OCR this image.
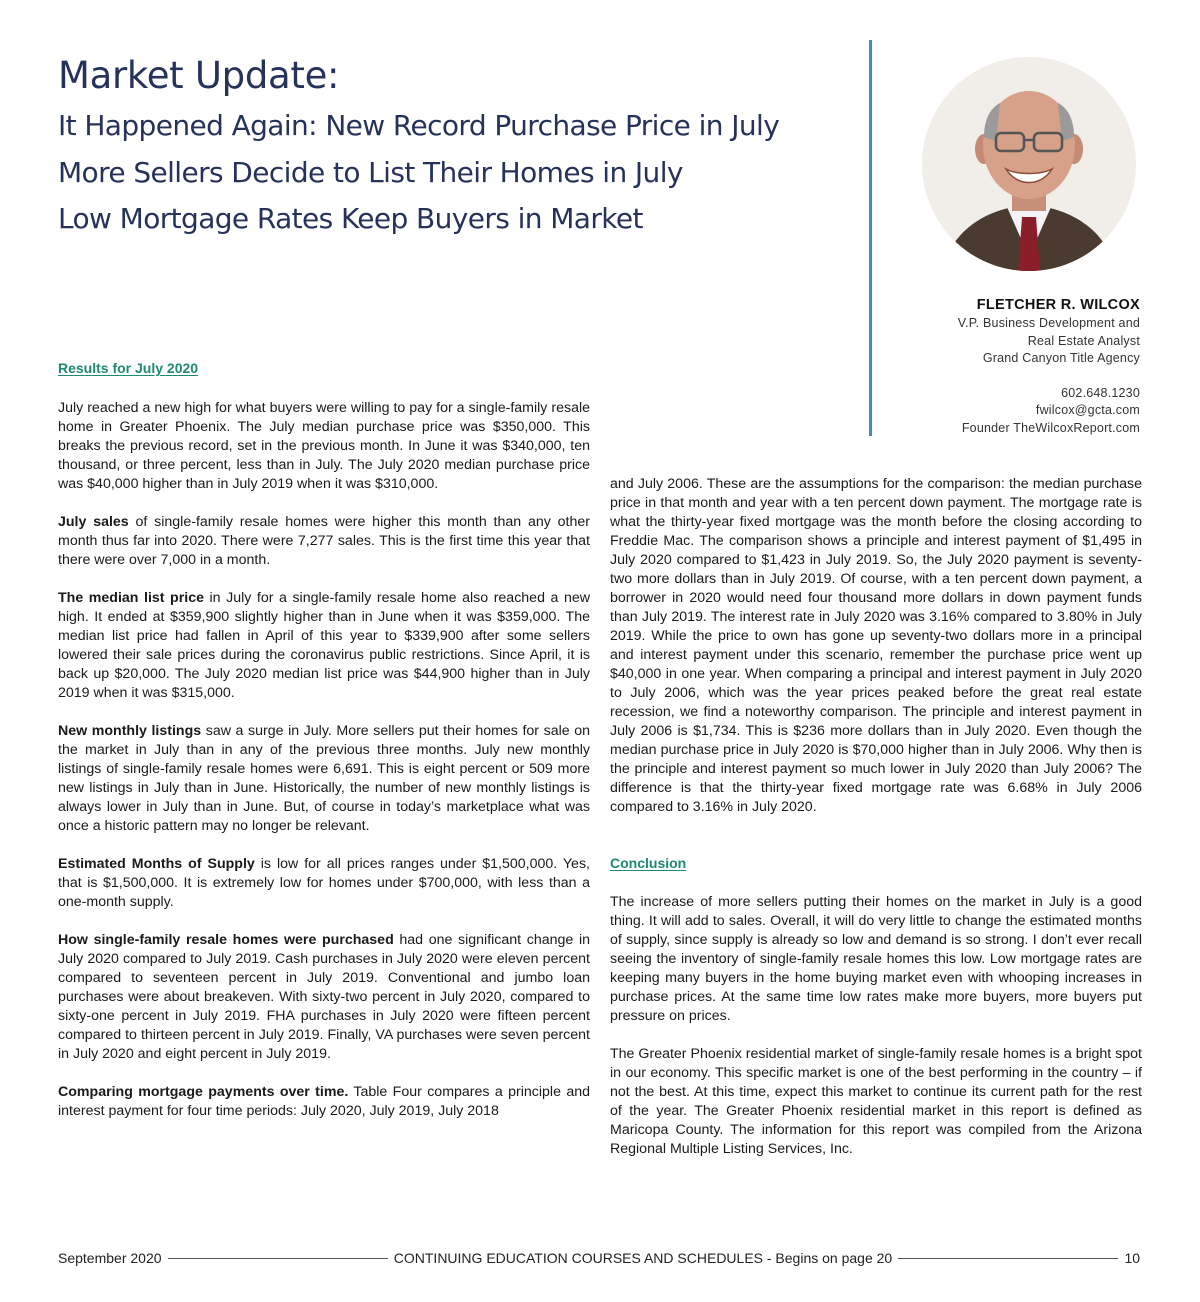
Market Update:
It Happened Again: New Record Purchase Price in July
More Sellers Decide to List Their Homes in July
Low Mortgage Rates Keep Buyers in Market
FLETCHER R. WILCOX
V.P. Business Development and
Real Estate Analyst
Grand Canyon Title Agency
602.648.1230
fwilcox@gcta.com
Founder TheWilcoxReport.com
Results for July 2020

July reached a new high for what buyers were willing to pay for a single-family resale home in Greater Phoenix. The July median purchase price was $350,000. This breaks the previous record, set in the previous month. In June it was $340,000, ten thousand, or three percent, less than in July. The July 2020 median purchase price was $40,000 higher than in July 2019 when it was $310,000.

July sales of single-family resale homes were higher this month than any other month thus far into 2020. There were 7,277 sales. This is the first time this year that there were over 7,000 in a month.

The median list price in July for a single-family resale home also reached a new high. It ended at $359,900 slightly higher than in June when it was $359,000. The median list price had fallen in April of this year to $339,900 after some sellers lowered their sale prices during the coronavirus public restrictions. Since April, it is back up $20,000. The July 2020 median list price was $44,900 higher than in July 2019 when it was $315,000.

New monthly listings saw a surge in July. More sellers put their homes for sale on the market in July than in any of the previous three months. July new monthly listings of single-family resale homes were 6,691. This is eight percent or 509 more new listings in July than in June. Historically, the number of new monthly listings is always lower in July than in June. But, of course in today’s marketplace what was once a historic pattern may no longer be relevant.

Estimated Months of Supply is low for all prices ranges under $1,500,000. Yes, that is $1,500,000. It is extremely low for homes under $700,000, with less than a one-month supply.

How single-family resale homes were purchased had one significant change in July 2020 compared to July 2019. Cash purchases in July 2020 were eleven percent compared to seventeen percent in July 2019. Conventional and jumbo loan purchases were about breakeven. With sixty-two percent in July 2020, compared to sixty-one percent in July 2019. FHA purchases in July 2020 were fifteen percent compared to thirteen percent in July 2019. Finally, VA purchases were seven percent in July 2020 and eight percent in July 2019.

Comparing mortgage payments over time. Table Four compares a principle and interest payment for four time periods: July 2020, July 2019, July 2018

and July 2006. These are the assumptions for the comparison: the median purchase price in that month and year with a ten percent down payment. The mortgage rate is what the thirty-year fixed mortgage was the month before the closing according to Freddie Mac. The comparison shows a principle and interest payment of $1,495 in July 2020 compared to $1,423 in July 2019. So, the July 2020 payment is seventy-two more dollars than in July 2019. Of course, with a ten percent down payment, a borrower in 2020 would need four thousand more dollars in down payment funds than July 2019. The interest rate in July 2020 was 3.16% compared to 3.80% in July 2019. While the price to own has gone up seventy-two dollars more in a principal and interest payment under this scenario, remember the purchase price went up $40,000 in one year. When comparing a principal and interest payment in July 2020 to July 2006, which was the year prices peaked before the great real estate recession, we find a noteworthy comparison. The principle and interest payment in July 2006 is $1,734. This is $236 more dollars than in July 2020. Even though the median purchase price in July 2020 is $70,000 higher than in July 2006. Why then is the principle and interest payment so much lower in July 2020 than July 2006? The difference is that the thirty-year fixed mortgage rate was 6.68% in July 2006 compared to 3.16% in July 2020.

Conclusion

The increase of more sellers putting their homes on the market in July is a good thing. It will add to sales. Overall, it will do very little to change the estimated months of supply, since supply is already so low and demand is so strong. I don’t ever recall seeing the inventory of single-family resale homes this low. Low mortgage rates are keeping many buyers in the home buying market even with whooping increases in purchase prices. At the same time low rates make more buyers, more buyers put pressure on prices.

The Greater Phoenix residential market of single-family resale homes is a bright spot in our economy. This specific market is one of the best performing in the country – if not the best. At this time, expect this market to continue its current path for the rest of the year. The Greater Phoenix residential market in this report is defined as Maricopa County. The information for this report was compiled from the Arizona Regional Multiple Listing Services, Inc.

September 2020	CONTINUING EDUCATION COURSES AND SCHEDULES - Begins on page 20	10
